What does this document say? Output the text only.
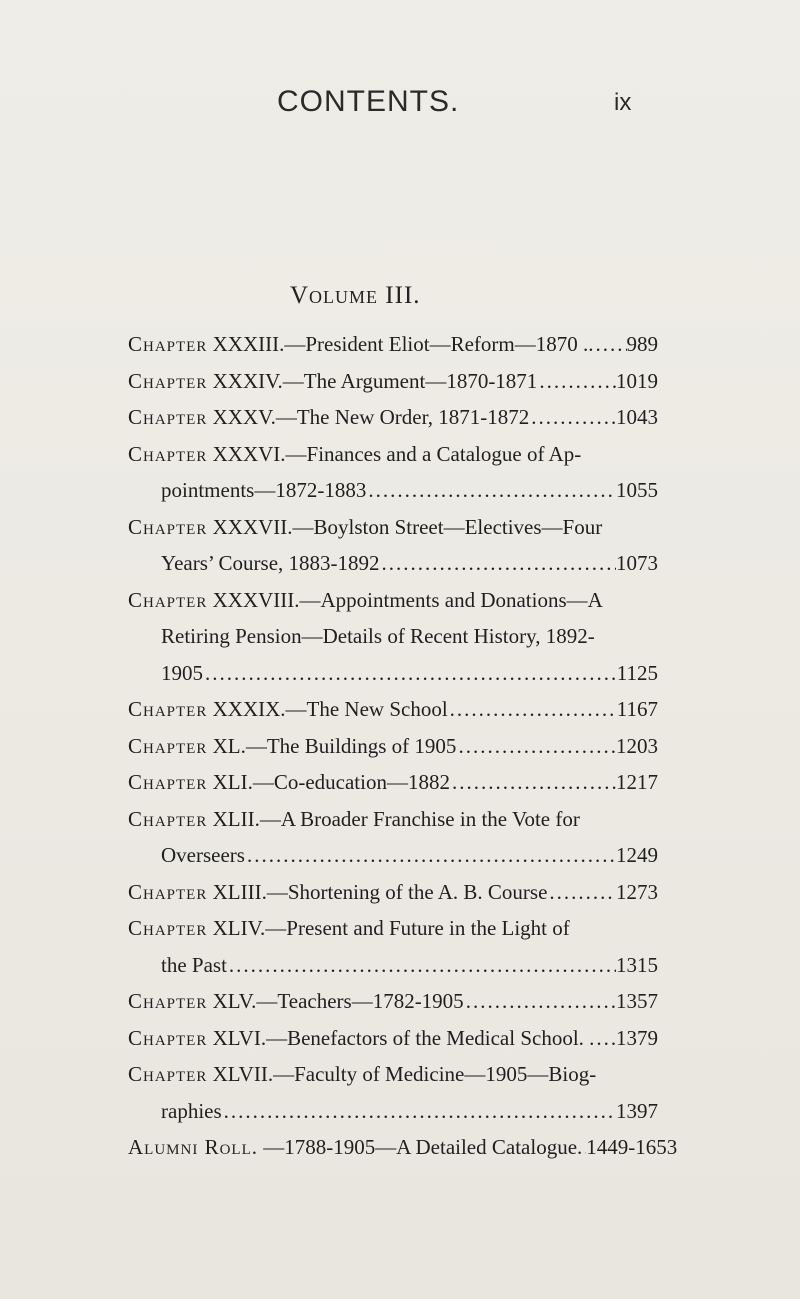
CONTENTS.	ix
Volume III.
Chapter XXXIII.—President Eliot—Reform—1870 .. ..... 989
Chapter XXXIV.—The Argument—1870-1871 .....	1019
Chapter XXXV.—The New Order, 1871-1872 .....	1043
Chapter XXXVI.—Finances and a Catalogue of Ap-
pointments—1872-1883 .....	1055
Chapter XXXVII.—Boylston Street—Electives—Four
Years’ Course, 1883-1892 .....	1073
Chapter XXXVIII.—Appointments and Donations—A
Retiring Pension—Details of Recent History, 1892-
1905 .....	1125
Chapter XXXIX.—The New School .....	1167
Chapter XL.—The Buildings of 1905 .....	1203
Chapter XLI.—Co-education—1882 .....	1217
Chapter XLII.—A Broader Franchise in the Vote for
Overseers .....	1249
Chapter XLIII.—Shortening of the A. B. Course .....	1273
Chapter XLIV.—Present and Future in the Light of
the Past .....	1315
Chapter XLV.—Teachers—1782-1905 .....	1357
Chapter XLVI.—Benefactors of the Medical School. . ..... 1379
Chapter XLVII.—Faculty of Medicine—1905—Biog-
raphies .....	1397
Alumni Roll. —1788-1905—A Detailed Catalogue. ..... 1449-1653
